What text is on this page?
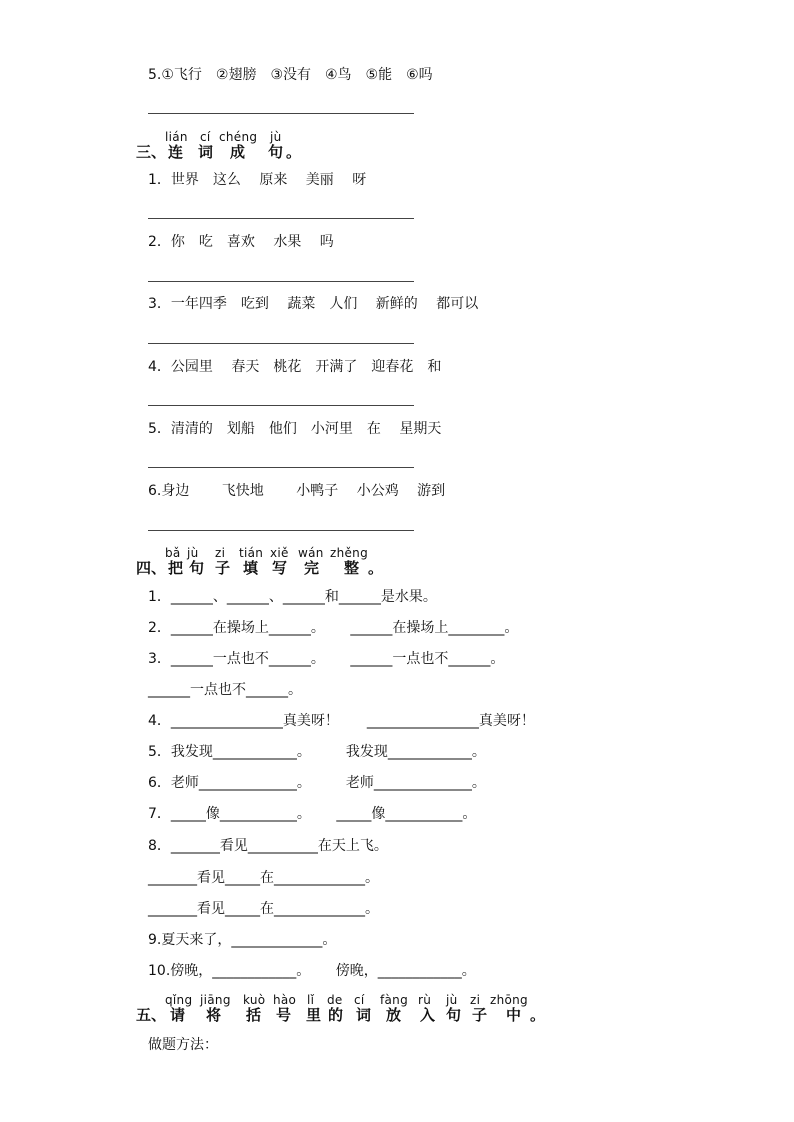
5.①飞行　②翅膀　③没有　④鸟　⑤能　⑥吗
三、
lián cí chéng jù
连 词 成 句 。
1．世界　这么　 原来　 美丽　 呀
2．你　吃　喜欢　 水果　 吗
3．一年四季　吃到　 蔬菜　人们　 新鲜的　 都可以
4．公园里　 春天　桃花　开满了　迎春花　和
5．清清的　划船　他们　小河里　在　 星期天
6.身边　　 飞快地　　 小鸭子　 小公鸡　 游到
四、
bǎ jù zi tián xiě wán zhěng
把 句 子 填 写 完 整 。
1．______、______、______和______是水果。
2．______在操场上______。　　 ______在操场上________。
3．______一点也不______。　　 ______一点也不______。
______一点也不______。
4．________________真美呀！　　________________真美呀！
5．我发现____________。　　　我发现____________。
6．老师______________。　　　老师______________。
7．_____像___________。　　 _____像___________。
8．_______看见__________在天上飞。
_______看见_____在_____________。
_______看见_____在_____________。
9.夏天来了，_____________。
10.傍晚，____________。　　 傍晚，____________。
五、
qǐng jiāng kuò hào lǐ de cí fàng rù jù zi zhōng
请 将 括 号 里 的 词 放 入 句 子 中 。
做题方法：
